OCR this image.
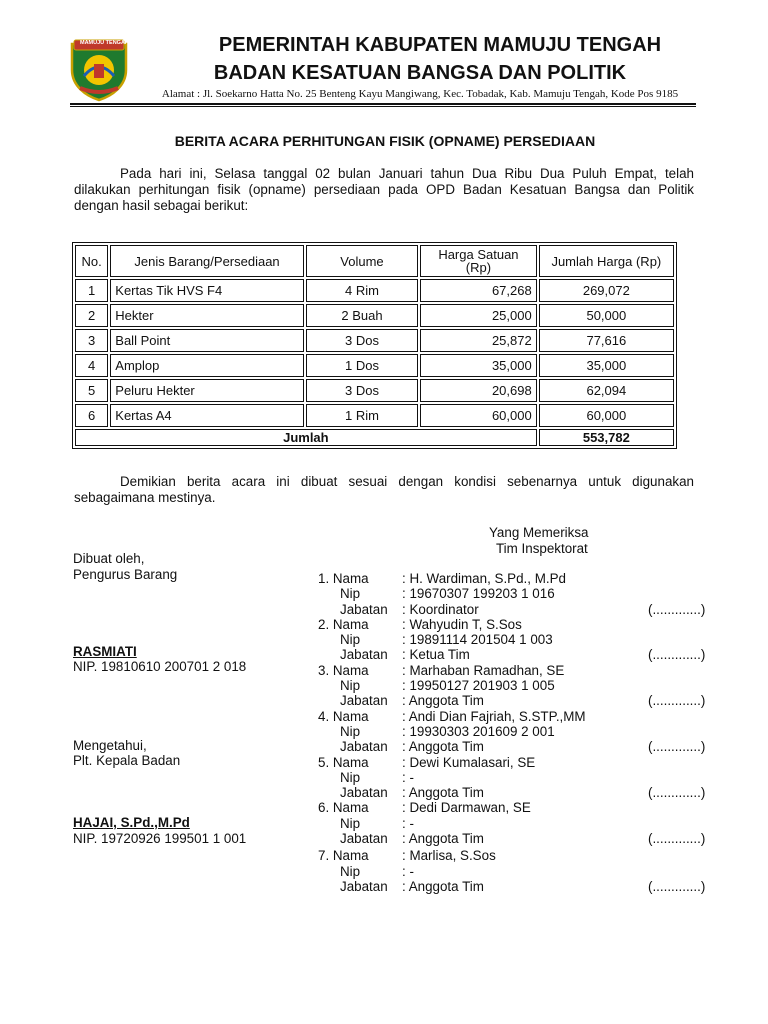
MAMUJU TENGAH	PEMERINTAH KABUPATEN MAMUJU TENGAH
BADAN KESATUAN BANGSA DAN POLITIK
Alamat : Jl. Soekarno Hatta No. 25 Benteng Kayu Mangiwang, Kec. Tobadak, Kab. Mamuju Tengah, Kode Pos 9185
BERITA ACARA PERHITUNGAN FISIK (OPNAME) PERSEDIAAN

Pada hari ini, Selasa tanggal 02 bulan Januari tahun Dua Ribu Dua Puluh Empat, telah dilakukan perhitungan fisik (opname) persediaan pada OPD Badan Kesatuan Bangsa dan Politik dengan hasil sebagai berikut:

No.	Jenis Barang/Persediaan	Volume	Harga Satuan (Rp)	Jumlah Harga (Rp)
1	Kertas Tik HVS F4	4 Rim	67,268	269,072
2	Hekter	2 Buah	25,000	50,000
3	Ball Point	3 Dos	25,872	77,616
4	Amplop	1 Dos	35,000	35,000
5	Peluru Hekter	3 Dos	20,698	62,094
6	Kertas A4	1 Rim	60,000	60,000
Jumlah				553,782

Demikian berita acara ini dibuat sesuai dengan kondisi sebenarnya untuk digunakan sebagaimana mestinya.

Yang Memeriksa
Tim Inspektorat
Dibuat oleh,
Pengurus Barang
RASMIATI
NIP. 19810610 200701 2 018
Mengetahui,
Plt. Kepala Badan
HAJAI, S.Pd.,M.Pd
NIP. 19720926 199501 1 001
1. Nama : H. Wardiman, S.Pd., M.Pd
Nip	: 19670307 199203 1 016
Jabatan : Koordinator	(.............)
2. Nama : Wahyudin T, S.Sos
Nip	: 19891114 201504 1 003
Jabatan : Ketua Tim	(.............)
3. Nama : Marhaban Ramadhan, SE
Nip	: 19950127 201903 1 005
Jabatan : Anggota Tim	(.............)
4. Nama : Andi Dian Fajriah, S.STP.,MM
Nip	: 19930303 201609 2 001
Jabatan : Anggota Tim	(.............)
5. Nama : Dewi Kumalasari, SE
Nip	: -
Jabatan : Anggota Tim	(.............)
6. Nama : Dedi Darmawan, SE
Nip	: -
Jabatan : Anggota Tim	(.............)
7. Nama : Marlisa, S.Sos
Nip	: -
Jabatan : Anggota Tim	(.............)
